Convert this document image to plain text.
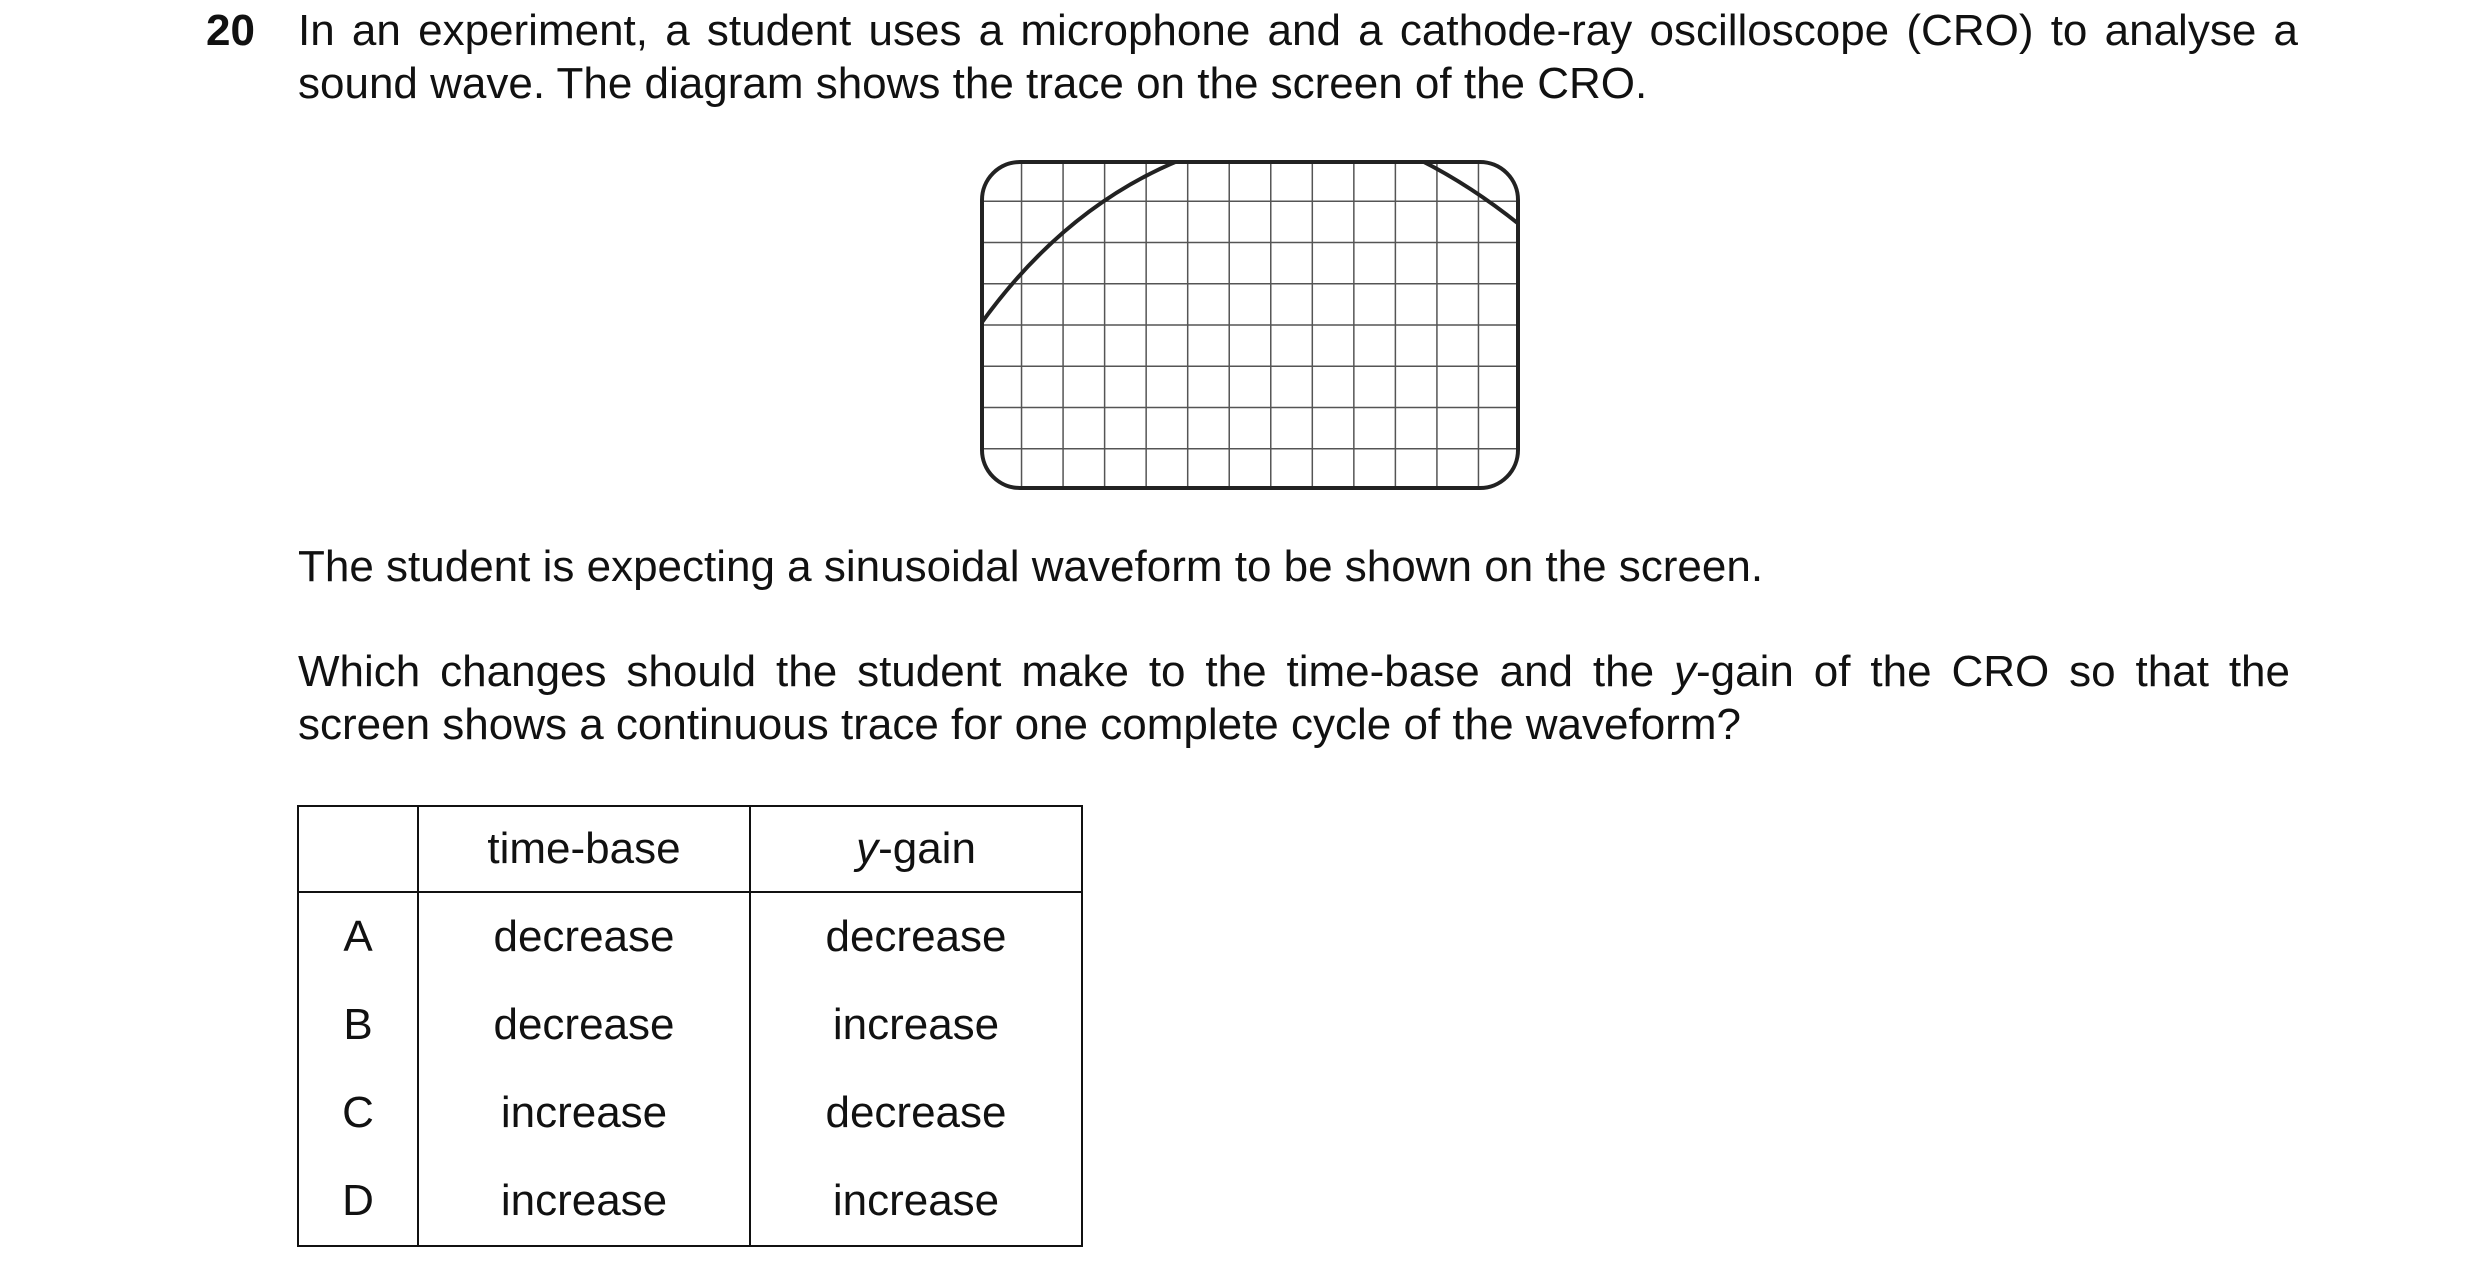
20 In an experiment, a student uses a microphone and a cathode-ray oscilloscope (CRO) to analyse a sound wave. The diagram shows the trace on the screen of the CRO.

The student is expecting a sinusoidal waveform to be shown on the screen.

Which changes should the student make to the time-base and the y-gain of the CRO so that the screen shows a continuous trace for one complete cycle of the waveform?

	time-base	y-gain
A	decrease	decrease
B	decrease	increase
C	increase	decrease
D	increase	increase
